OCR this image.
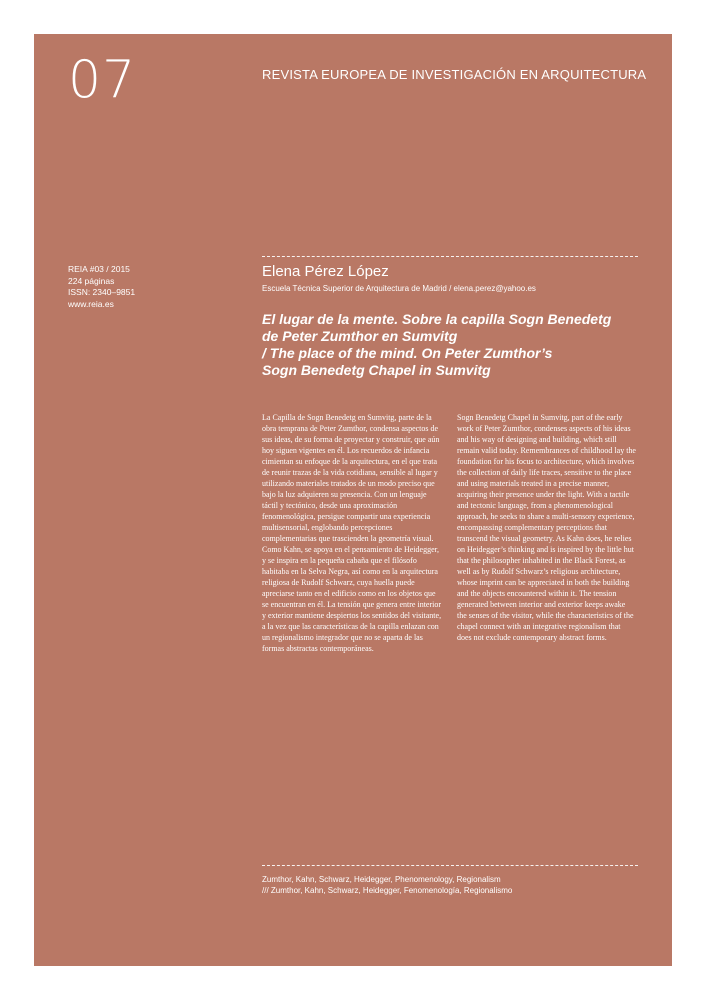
07	REVISTA EUROPEA DE INVESTIGACIÓN EN ARQUITECTURA
REIA #03 / 2015
224 páginas
ISSN: 2340–9851
www.reia.es
Elena Pérez López
Escuela Técnica Superior de Arquitectura de Madrid / elena.perez@yahoo.es
El lugar de la mente. Sobre la capilla Sogn Benedetg
de Peter Zumthor en Sumvitg
/ The place of the mind. On Peter Zumthor’s
Sogn Benedetg Chapel in Sumvitg
La Capilla de Sogn Benedetg en Sumvitg, parte de la obra temprana de Peter Zumthor, condensa aspectos de sus ideas, de su forma de proyectar y construir, que aún hoy siguen vigentes en él. Los recuerdos de infancia cimientan su enfoque de la arquitectura, en el que trata de reunir trazas de la vida cotidiana, sensible al lugar y utilizando materiales tratados de un modo preciso que bajo la luz adquieren su presencia. Con un lenguaje táctil y tectónico, desde una aproximación fenomenológica, persigue compartir una experiencia multisensorial, englobando percepciones complementarias que trascienden la geometría visual. Como Kahn, se apoya en el pensamiento de Heidegger, y se inspira en la pequeña cabaña que el filósofo habitaba en la Selva Negra, así como en la arquitectura religiosa de Rudolf Schwarz, cuya huella puede apreciarse tanto en el edificio como en los objetos que se encuentran en él. La tensión que genera entre interior y exterior mantiene despiertos los sentidos del visitante, a la vez que las características de la capilla enlazan con un regionalismo integrador que no se aparta de las formas abstractas contemporáneas.
Sogn Benedetg Chapel in Sumvitg, part of the early work of Peter Zumthor, condenses aspects of his ideas and his way of designing and building, which still remain valid today. Remembrances of childhood lay the foundation for his focus to architecture, which involves the collection of daily life traces, sensitive to the place and using materials treated in a precise manner, acquiring their presence under the light. With a tactile and tectonic language, from a phenomenological approach, he seeks to share a multi-sensory experience, encompassing complementary perceptions that transcend the visual geometry. As Kahn does, he relies on Heidegger’s thinking and is inspired by the little hut that the philosopher inhabited in the Black Forest, as well as by Rudolf Schwarz’s religious architecture, whose imprint can be appreciated in both the building and the objects encountered within it. The tension generated between interior and exterior keeps awake the senses of the visitor, while the characteristics of the chapel connect with an integrative regionalism that does not exclude contemporary abstract forms.
Zumthor, Kahn, Schwarz, Heidegger, Phenomenology, Regionalism
/// Zumthor, Kahn, Schwarz, Heidegger, Fenomenología, Regionalismo
